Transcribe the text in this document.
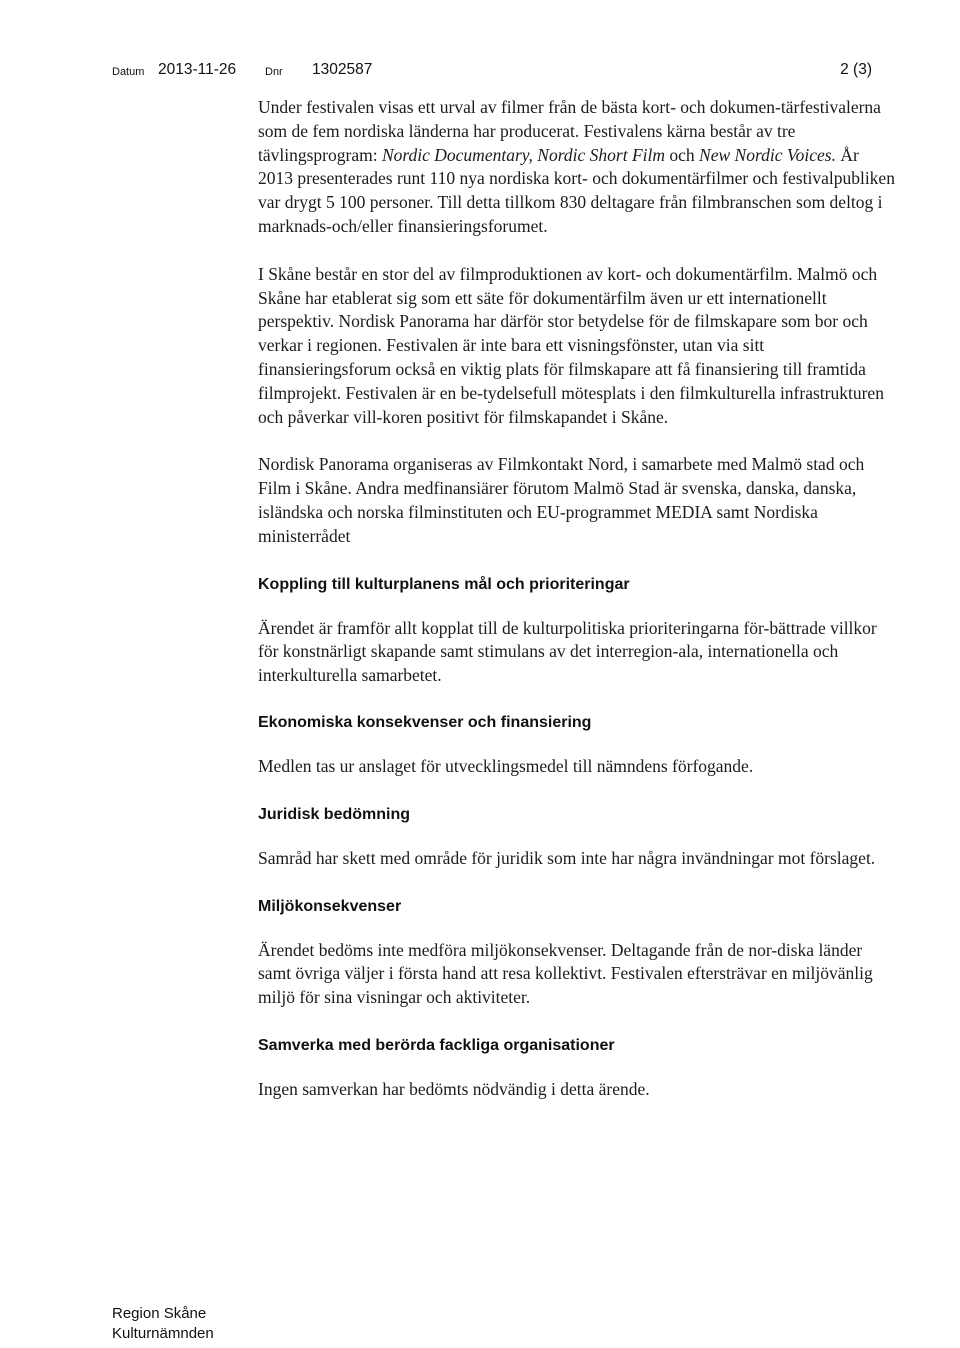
Datum 2013-11-26	Dnr 1302587	2 (3)

Under festivalen visas ett urval av filmer från de bästa kort- och dokumen-tärfestivalerna som de fem nordiska länderna har producerat. Festivalens kärna består av tre tävlingsprogram: Nordic Documentary, Nordic Short Film och New Nordic Voices. År 2013 presenterades runt 110 nya nordiska kort- och dokumentärfilmer och festivalpubliken var drygt 5 100 personer. Till detta tillkom 830 deltagare från filmbranschen som deltog i marknads-och/eller finansieringsforumet.

I Skåne består en stor del av filmproduktionen av kort- och dokumentärfilm. Malmö och Skåne har etablerat sig som ett säte för dokumentärfilm även ur ett internationellt perspektiv. Nordisk Panorama har därför stor betydelse för de filmskapare som bor och verkar i regionen. Festivalen är inte bara ett visningsfönster, utan via sitt finansieringsforum också en viktig plats för filmskapare att få finansiering till framtida filmprojekt. Festivalen är en be-tydelsefull mötesplats i den filmkulturella infrastrukturen och påverkar vill-koren positivt för filmskapandet i Skåne.

Nordisk Panorama organiseras av Filmkontakt Nord, i samarbete med Malmö stad och Film i Skåne. Andra medfinansiärer förutom Malmö Stad är svenska, danska, danska, isländska och norska filminstituten och EU-programmet MEDIA samt Nordiska ministerrådet

Koppling till kulturplanens mål och prioriteringar

Ärendet är framför allt kopplat till de kulturpolitiska prioriteringarna för-bättrade villkor för konstnärligt skapande samt stimulans av det interregion-ala, internationella och interkulturella samarbetet.

Ekonomiska konsekvenser och finansiering

Medlen tas ur anslaget för utvecklingsmedel till nämndens förfogande.

Juridisk bedömning

Samråd har skett med område för juridik som inte har några invändningar mot förslaget.

Miljökonsekvenser

Ärendet bedöms inte medföra miljökonsekvenser. Deltagande från de nor-diska länder samt övriga väljer i första hand att resa kollektivt. Festivalen eftersträvar en miljövänlig miljö för sina visningar och aktiviteter.

Samverka med berörda fackliga organisationer

Ingen samverkan har bedömts nödvändig i detta ärende.

Region Skåne
Kulturnämnden
